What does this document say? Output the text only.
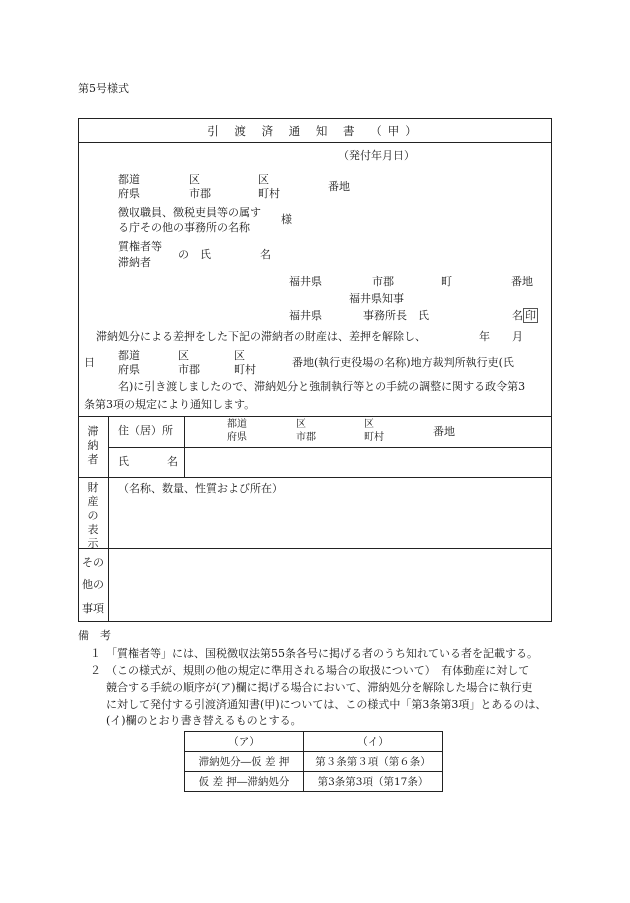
第5号様式
引 渡 済 通 知 書 （甲）
（発付年月日）
都道
府県
区
市郡
区
町村
番地
徴収職員、徴税吏員等の属す
る庁その他の事務所の名称
様
質権者等
滞納者
の　氏	名
福井県	市郡	町	番地
福井県知事
福井県	事務所長　氏	名 印
滞納処分による差押をした下記の滞納者の財産は、差押を解除し、	年 月
日
都道
府県
区
市郡
区
町村
番地(執行吏役場の名称)地方裁判所執行吏(氏
名)に引き渡しましたので、滞納処分と強制執行等との手続の調整に関する政令第3
条第3項の規定により通知します。
滞納者
住（居）所	都道
府県
区
市郡
区
町村	番地
氏	名
財産の表示
（名称、数量、性質および所在）
その
他の
事項
備　考
１ 「質権者等」には、国税徴収法第55条各号に掲げる者のうち知れている者を記載する。
２ （この様式が、規則の他の規定に準用される場合の取扱について）　有体動産に対して
競合する手続の順序が(ア)欄に掲げる場合において、滞納処分を解除した場合に執行吏
に対して発付する引渡済通知書(甲)については、この様式中「第3条第3項」とあるのは、
(イ)欄のとおり書き替えるものとする。
（ア）	（イ）
滞納処分―仮 差 押	第３条第３項（第６条）
仮 差 押―滞納処分	第3条第3項（第17条）
